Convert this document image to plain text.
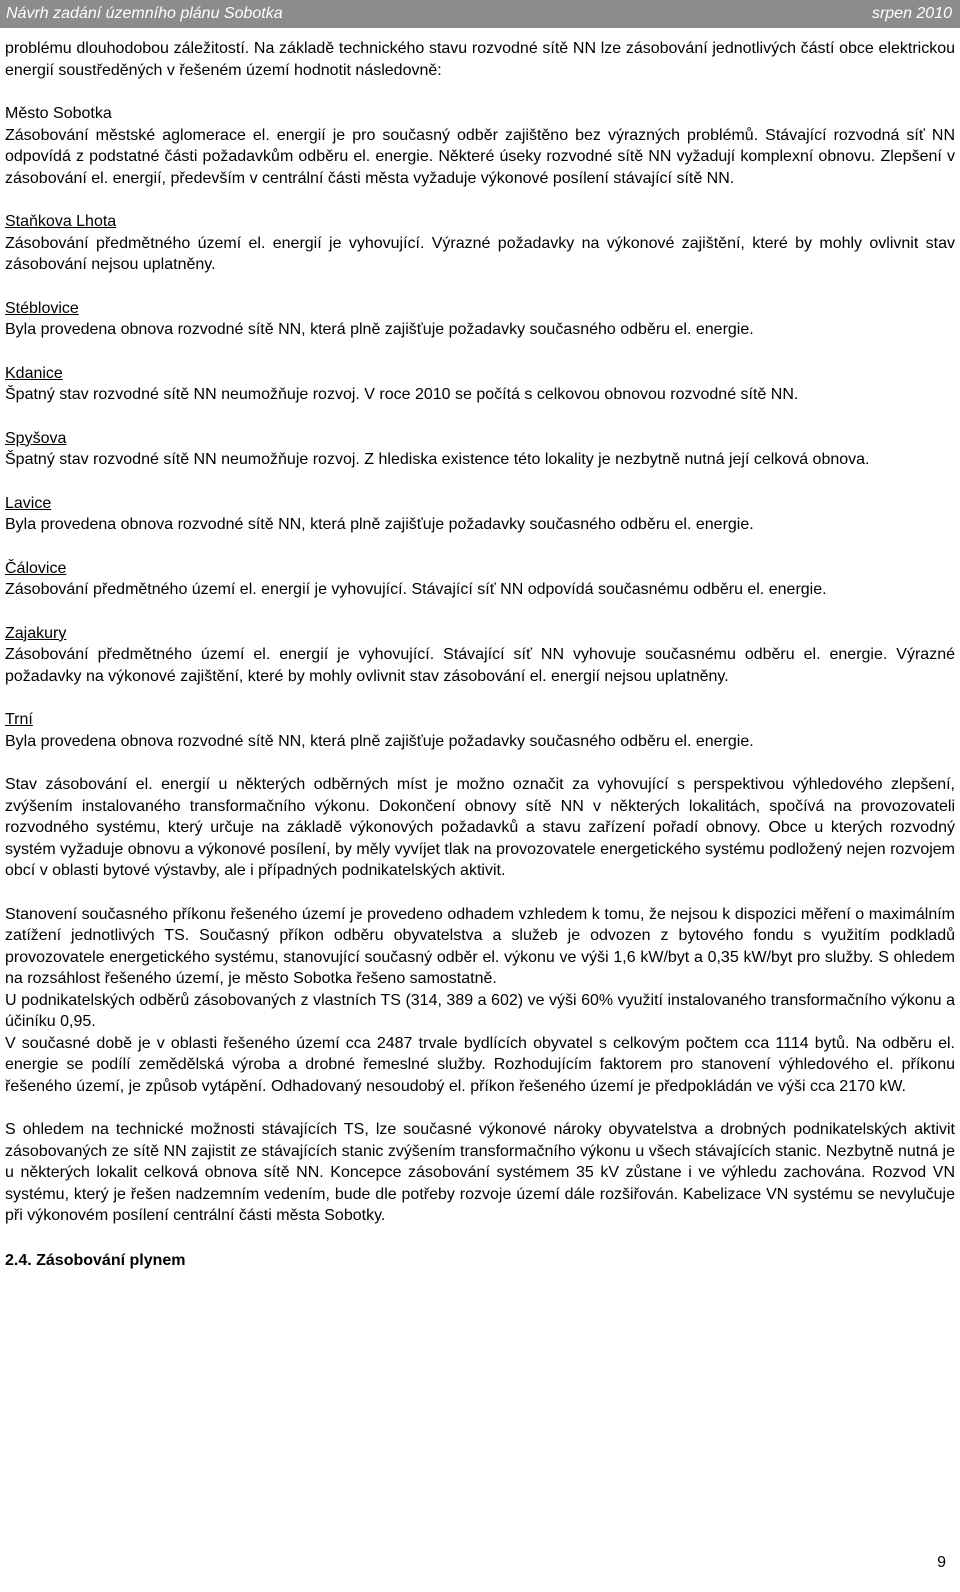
Návrh zadání územního plánu Sobotka	srpen 2010

problému dlouhodobou záležitostí. Na základě technického stavu rozvodné sítě NN lze zásobování jednotlivých částí obce elektrickou energií soustředěných v řešeném území hodnotit následovně:

Město Sobotka

Zásobování městské aglomerace el. energií je pro současný odběr zajištěno bez výrazných problémů. Stávající rozvodná síť NN odpovídá z podstatné části požadavkům odběru el. energie. Některé úseky rozvodné sítě NN vyžadují komplexní obnovu. Zlepšení v zásobování el. energií, především v centrální části města vyžaduje výkonové posílení stávající sítě NN.

Staňkova Lhota

Zásobování předmětného území el. energií je vyhovující. Výrazné požadavky na výkonové zajištění, které by mohly ovlivnit stav zásobování nejsou uplatněny.

Stéblovice

Byla provedena obnova rozvodné sítě NN, která plně zajišťuje požadavky současného odběru el. energie.

Kdanice

Špatný stav rozvodné sítě NN neumožňuje rozvoj. V roce 2010 se počítá s celkovou obnovou rozvodné sítě NN.

Spyšova

Špatný stav rozvodné sítě NN neumožňuje rozvoj. Z hlediska existence této lokality je nezbytně nutná její celková obnova.

Lavice

Byla provedena obnova rozvodné sítě NN, která plně zajišťuje požadavky současného odběru el. energie.

Čálovice

Zásobování předmětného území el. energií je vyhovující. Stávající síť NN odpovídá současnému odběru el. energie.

Zajakury

Zásobování předmětného území el. energií je vyhovující. Stávající síť NN vyhovuje současnému odběru el. energie. Výrazné požadavky na výkonové zajištění, které by mohly ovlivnit stav zásobování el. energií nejsou uplatněny.

Trní

Byla provedena obnova rozvodné sítě NN, která plně zajišťuje požadavky současného odběru el. energie.

Stav zásobování el. energií u některých odběrných míst je možno označit za vyhovující s perspektivou výhledového zlepšení, zvýšením instalovaného transformačního výkonu. Dokončení obnovy sítě NN v některých lokalitách, spočívá na provozovateli rozvodného systému, který určuje na základě výkonových požadavků a stavu zařízení pořadí obnovy. Obce u kterých rozvodný systém vyžaduje obnovu a výkonové posílení, by měly vyvíjet tlak na provozovatele energetického systému podložený nejen rozvojem obcí v oblasti bytové výstavby, ale i případných podnikatelských aktivit.

Stanovení současného příkonu řešeného území je provedeno odhadem vzhledem k tomu, že nejsou k dispozici měření o maximálním zatížení jednotlivých TS. Současný příkon odběru obyvatelstva a služeb je odvozen z bytového fondu s využitím podkladů provozovatele energetického systému, stanovující současný odběr el. výkonu ve výši 1,6 kW/byt a 0,35 kW/byt pro služby. S ohledem na rozsáhlost řešeného území, je město Sobotka řešeno samostatně.

U podnikatelských odběrů zásobovaných z vlastních TS (314, 389 a 602) ve výši 60% využití instalovaného transformačního výkonu a účiníku 0,95.

V současné době je v oblasti řešeného území cca 2487 trvale bydlících obyvatel s celkovým počtem cca 1114 bytů. Na odběru el. energie se podílí zemědělská výroba a drobné řemeslné služby. Rozhodujícím faktorem pro stanovení výhledového el. příkonu řešeného území, je způsob vytápění. Odhadovaný nesoudobý el. příkon řešeného území je předpokládán ve výši cca 2170 kW.

S ohledem na technické možnosti stávajících TS, lze současné výkonové nároky obyvatelstva a drobných podnikatelských aktivit zásobovaných ze sítě NN zajistit ze stávajících stanic zvýšením transformačního výkonu u všech stávajících stanic. Nezbytně nutná je u některých lokalit celková obnova sítě NN. Koncepce zásobování systémem 35 kV zůstane i ve výhledu zachována. Rozvod VN systému, který je řešen nadzemním vedením, bude dle potřeby rozvoje území dále rozšiřován. Kabelizace VN systému se nevylučuje při výkonovém posílení centrální části města Sobotky.

2.4. Zásobování plynem

9
